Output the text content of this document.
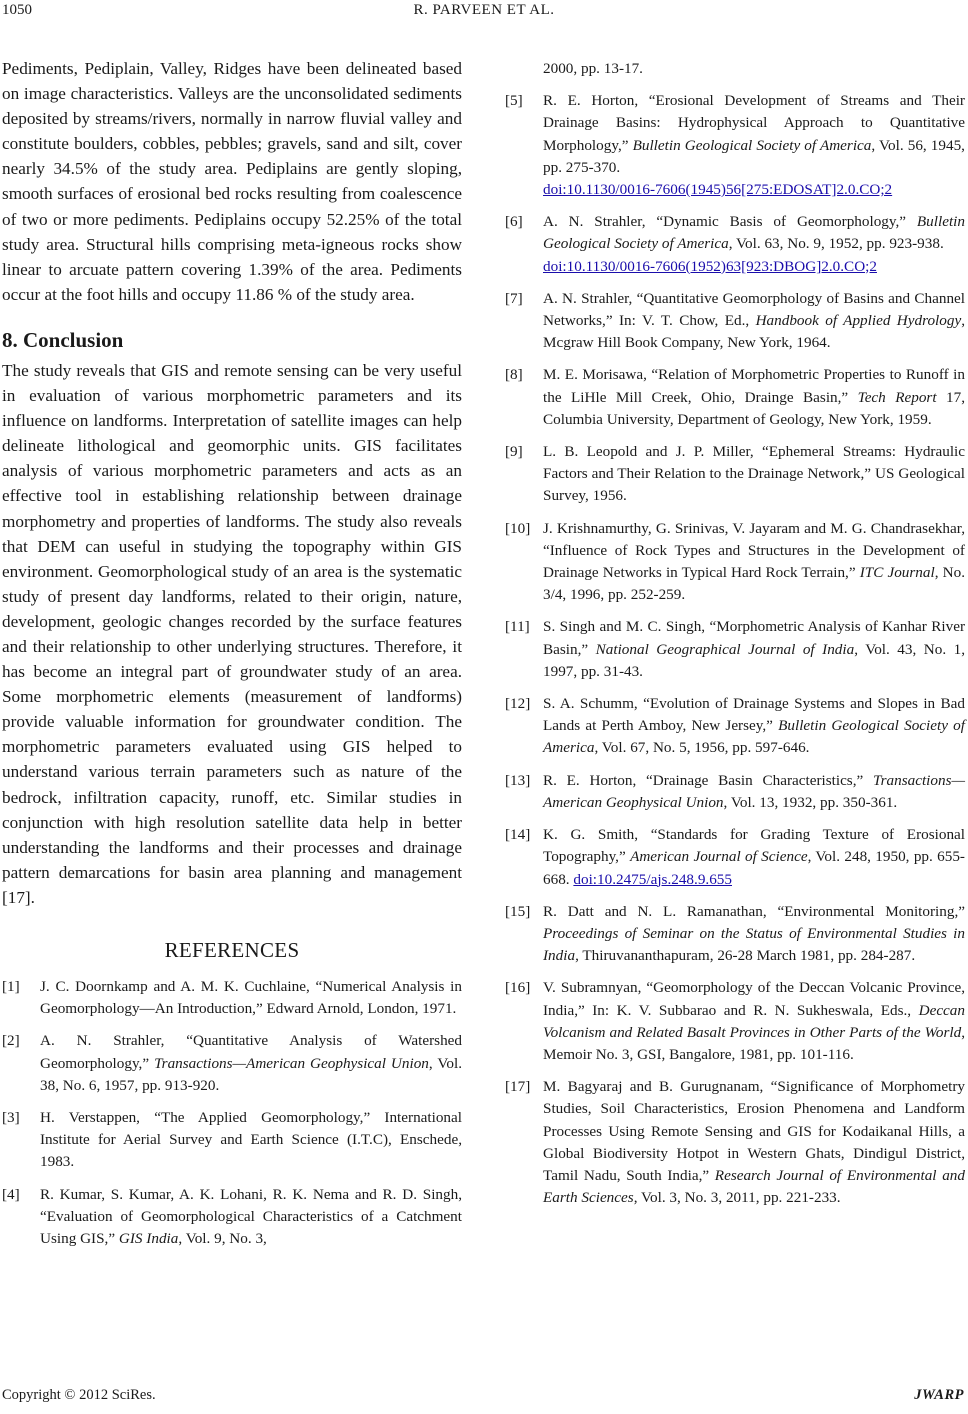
1050	R. PARVEEN ET AL.

Pediments, Pediplain, Valley, Ridges have been delineated based on image characteristics. Valleys are the unconsolidated sediments deposited by streams/rivers, normally in narrow fluvial valley and constitute boulders, cobbles, pebbles; gravels, sand and silt, cover nearly 34.5% of the study area. Pediplains are gently sloping, smooth surfaces of erosional bed rocks resulting from coalescence of two or more pediments. Pediplains occupy 52.25% of the total study area. Structural hills comprising meta-igneous rocks show linear to arcuate pattern covering 1.39% of the area. Pediments occur at the foot hills and occupy 11.86 % of the study area.

8. Conclusion

The study reveals that GIS and remote sensing can be very useful in evaluation of various morphometric parameters and its influence on landforms. Interpretation of satellite images can help delineate lithological and geomorphic units. GIS facilitates analysis of various morphometric parameters and acts as an effective tool in establishing relationship between drainage morphometry and properties of landforms. The study also reveals that DEM can useful in studying the topography within GIS environment. Geomorphological study of an area is the systematic study of present day landforms, related to their origin, nature, development, geologic changes recorded by the surface features and their relationship to other underlying structures. Therefore, it has become an integral part of groundwater study of an area. Some morphometric elements (measurement of landforms) provide valuable information for groundwater condition. The morphometric parameters evaluated using GIS helped to understand various terrain parameters such as nature of the bedrock, infiltration capacity, runoff, etc. Similar studies in conjunction with high resolution satellite data help in better understanding the landforms and their processes and drainage pattern demarcations for basin area planning and management [17].

REFERENCES
[1] J. C. Doornkamp and A. M. K. Cuchlaine, “Numerical Analysis in Geomorphology—An Introduction,” Edward Arnold, London, 1971.
[2] A. N. Strahler, “Quantitative Analysis of Watershed Geomorphology,” Transactions—American Geophysical Union, Vol. 38, No. 6, 1957, pp. 913-920.
[3] H. Verstappen, “The Applied Geomorphology,” International Institute for Aerial Survey and Earth Science (I.T.C), Enschede, 1983.
[4] R. Kumar, S. Kumar, A. K. Lohani, R. K. Nema and R. D. Singh, “Evaluation of Geomorphological Characteristics of a Catchment Using GIS,” GIS India, Vol. 9, No. 3,
2000, pp. 13-17.
[5] R. E. Horton, “Erosional Development of Streams and Their Drainage Basins: Hydrophysical Approach to Quantitative Morphology,” Bulletin Geological Society of America, Vol. 56, 1945, pp. 275-370.
doi:10.1130/0016-7606(1945)56[275:EDOSAT]2.0.CO;2
[6] A. N. Strahler, “Dynamic Basis of Geomorphology,” Bulletin Geological Society of America, Vol. 63, No. 9, 1952, pp. 923-938.
doi:10.1130/0016-7606(1952)63[923:DBOG]2.0.CO;2
[7] A. N. Strahler, “Quantitative Geomorphology of Basins and Channel Networks,” In: V. T. Chow, Ed., Handbook of Applied Hydrology, Mcgraw Hill Book Company, New York, 1964.
[8] M. E. Morisawa, “Relation of Morphometric Properties to Runoff in the LiHle Mill Creek, Ohio, Drainge Basin,” Tech Report 17, Columbia University, Department of Geology, New York, 1959.
[9] L. B. Leopold and J. P. Miller, “Ephemeral Streams: Hydraulic Factors and Their Relation to the Drainage Network,” US Geological Survey, 1956.
[10] J. Krishnamurthy, G. Srinivas, V. Jayaram and M. G. Chandrasekhar, “Influence of Rock Types and Structures in the Development of Drainage Networks in Typical Hard Rock Terrain,” ITC Journal, No. 3/4, 1996, pp. 252-259.
[11] S. Singh and M. C. Singh, “Morphometric Analysis of Kanhar River Basin,” National Geographical Journal of India, Vol. 43, No. 1, 1997, pp. 31-43.
[12] S. A. Schumm, “Evolution of Drainage Systems and Slopes in Bad Lands at Perth Amboy, New Jersey,” Bulletin Geological Society of America, Vol. 67, No. 5, 1956, pp. 597-646.
[13] R. E. Horton, “Drainage Basin Characteristics,” Transactions—American Geophysical Union, Vol. 13, 1932, pp. 350-361.
[14] K. G. Smith, “Standards for Grading Texture of Erosional Topography,” American Journal of Science, Vol. 248, 1950, pp. 655-668. doi:10.2475/ajs.248.9.655
[15] R. Datt and N. L. Ramanathan, “Environmental Monitoring,” Proceedings of Seminar on the Status of Environmental Studies in India, Thiruvananthapuram, 26-28 March 1981, pp. 284-287.
[16] V. Subramnyan, “Geomorphology of the Deccan Volcanic Province, India,” In: K. V. Subbarao and R. N. Sukheswala, Eds., Deccan Volcanism and Related Basalt Provinces in Other Parts of the World, Memoir No. 3, GSI, Bangalore, 1981, pp. 101-116.
[17] M. Bagyaraj and B. Gurugnanam, “Significance of Morphometry Studies, Soil Characteristics, Erosion Phenomena and Landform Processes Using Remote Sensing and GIS for Kodaikanal Hills, a Global Biodiversity Hotpot in Western Ghats, Dindigul District, Tamil Nadu, South India,” Research Journal of Environmental and Earth Sciences, Vol. 3, No. 3, 2011, pp. 221-233.
Copyright © 2012 SciRes.	JWARP
